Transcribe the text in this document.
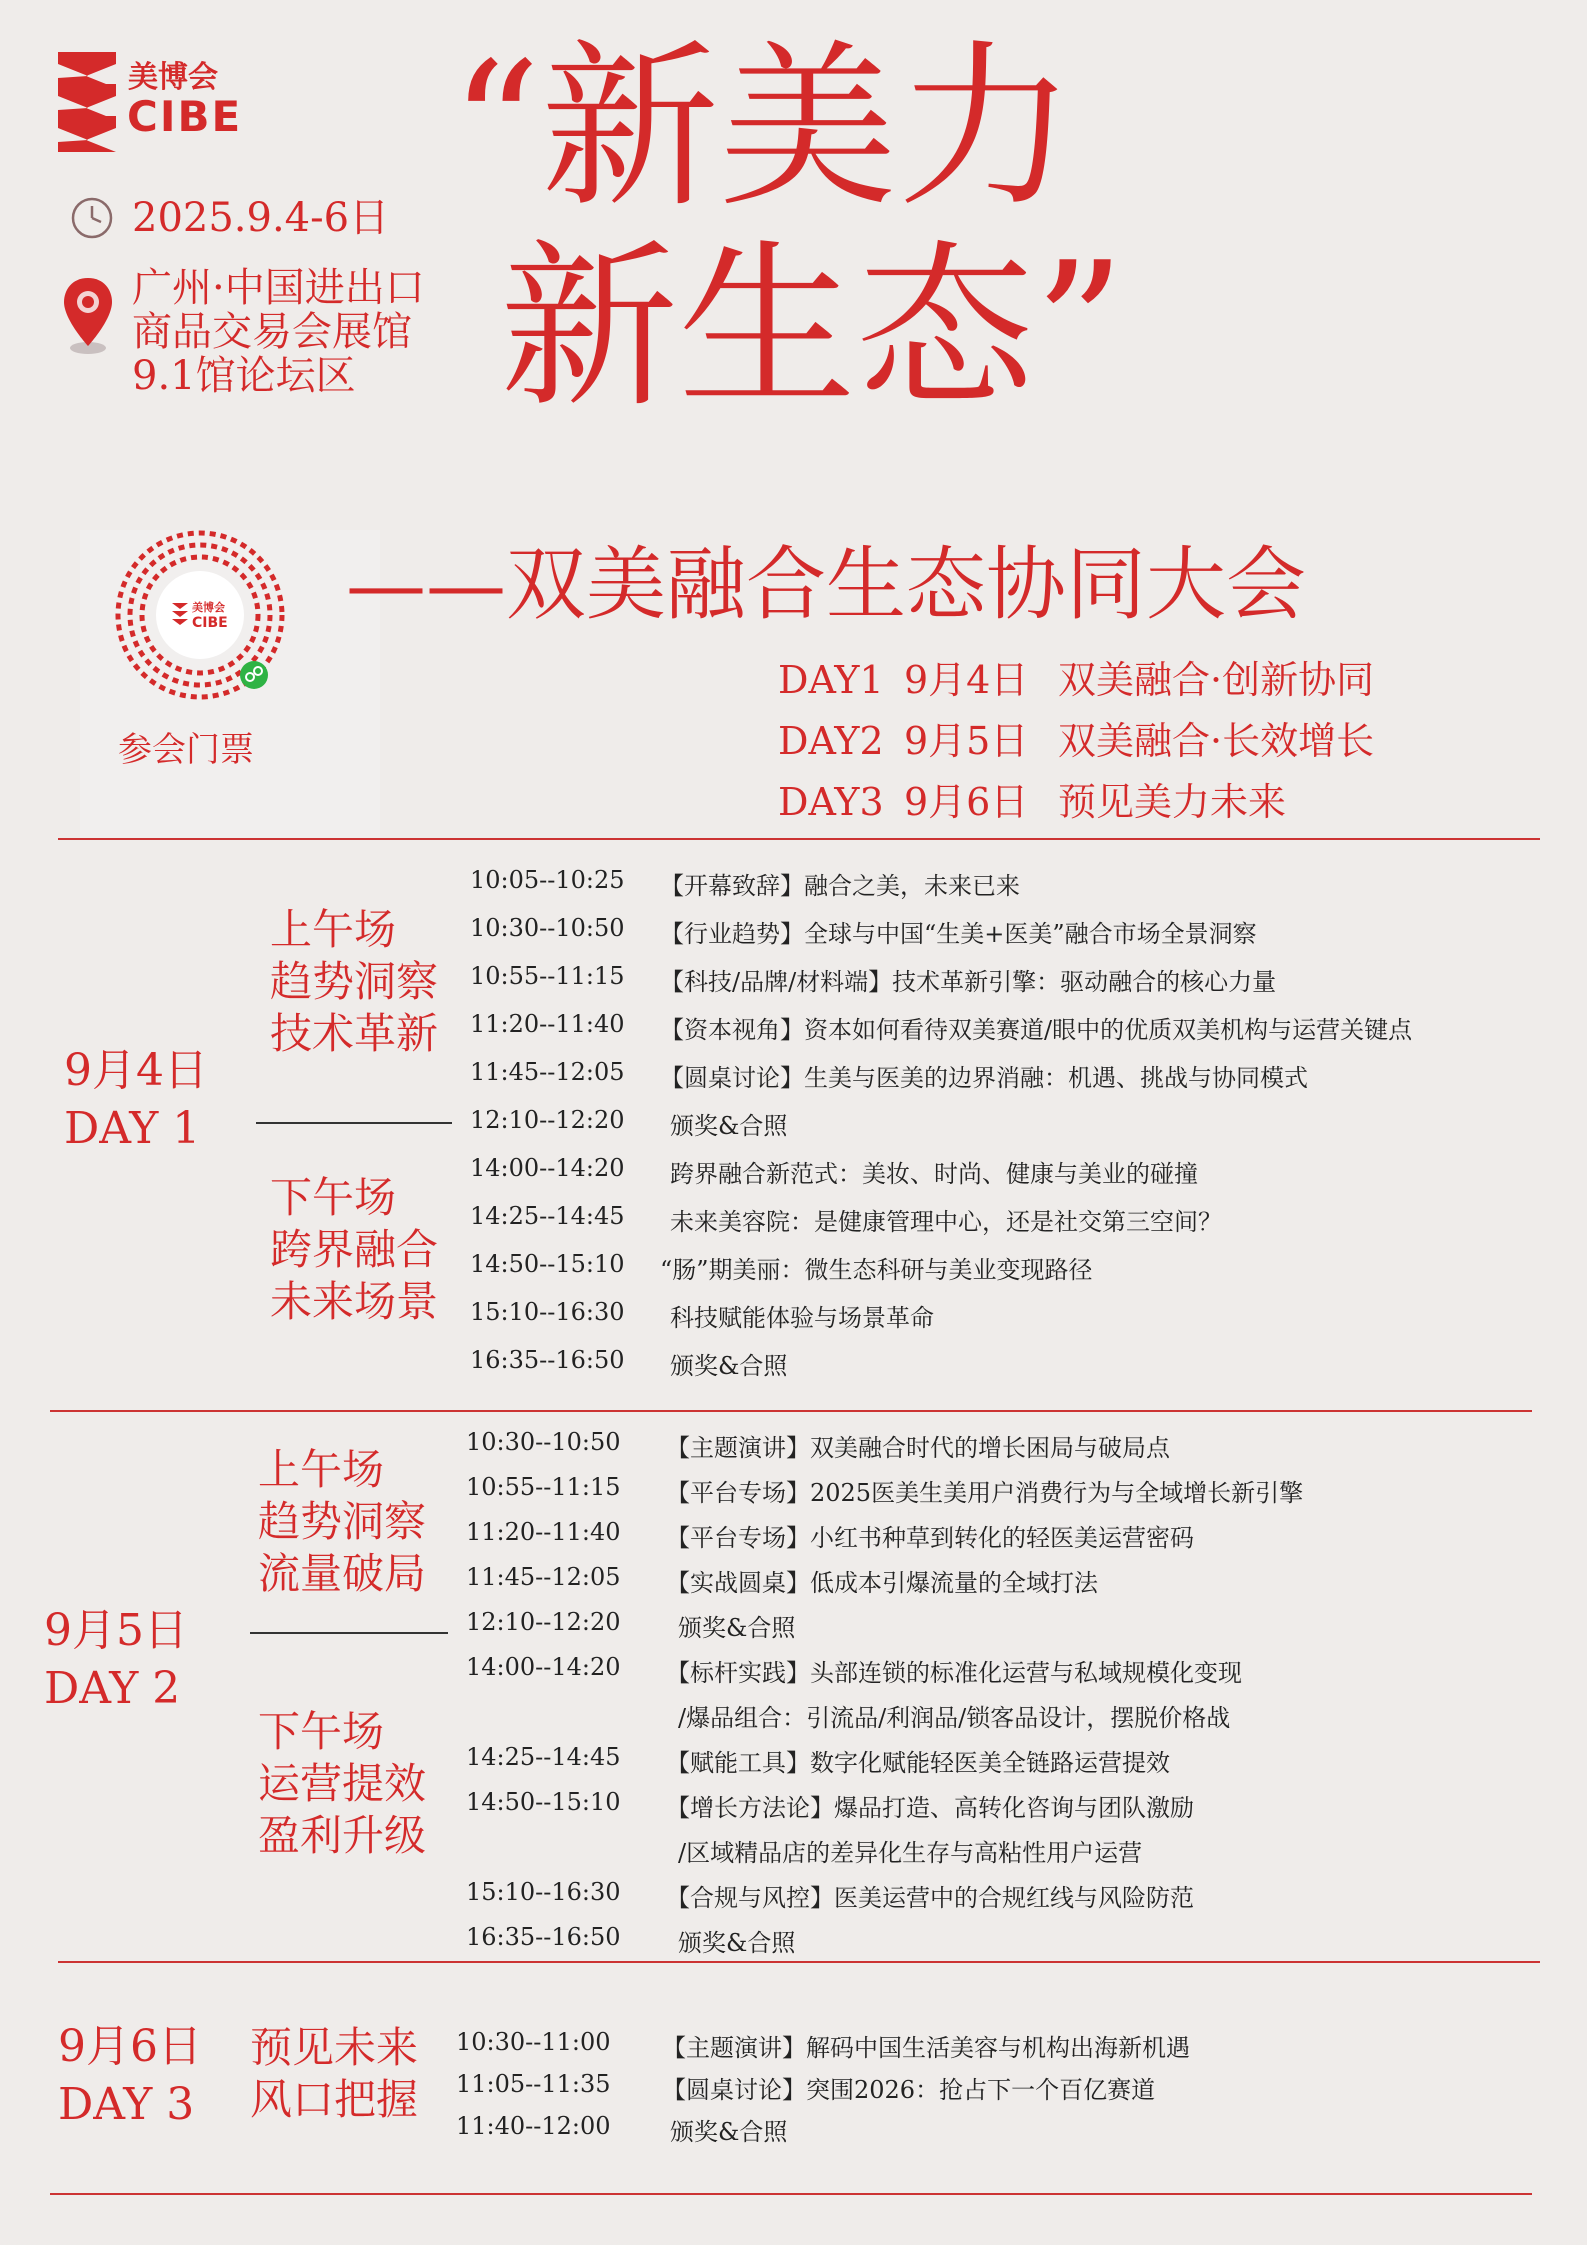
美博会
CIBE
2025.9.4-6日
广州·中国进出口
商品交易会展馆
9.1馆论坛区
“新美力
新生态”
美博会
CIBE
参会门票
——双美融合生态协同大会
DAY1 9月4日 双美融合·创新协同
DAY2 9月5日 双美融合·长效增长
DAY3 9月6日 预见美力未来
9月4日
DAY 1
上午场
趋势洞察
技术革新
下午场
跨界融合
未来场景
10:05--10:25 【开幕致辞】融合之美，未来已来
10:30--10:50 【行业趋势】全球与中国“生美+医美”融合市场全景洞察
10:55--11:15 【科技/品牌/材料端】技术革新引擎：驱动融合的核心力量
11:20--11:40 【资本视角】资本如何看待双美赛道/眼中的优质双美机构与运营关键点
11:45--12:05 【圆桌讨论】生美与医美的边界消融：机遇、挑战与协同模式
12:10--12:20 颁奖&合照
14:00--14:20 跨界融合新范式：美妆、时尚、健康与美业的碰撞
14:25--14:45 未来美容院：是健康管理中心，还是社交第三空间？
14:50--15:10 “肠”期美丽：微生态科研与美业变现路径
15:10--16:30 科技赋能体验与场景革命
16:35--16:50 颁奖&合照
9月5日
DAY 2
上午场
趋势洞察
流量破局
下午场
运营提效
盈利升级
10:30--10:50 【主题演讲】双美融合时代的增长困局与破局点
10:55--11:15 【平台专场】2025医美生美用户消费行为与全域增长新引擎
11:20--11:40 【平台专场】小红书种草到转化的轻医美运营密码
11:45--12:05 【实战圆桌】低成本引爆流量的全域打法
12:10--12:20 颁奖&合照
14:00--14:20 【标杆实践】头部连锁的标准化运营与私域规模化变现
/爆品组合：引流品/利润品/锁客品设计，摆脱价格战
14:25--14:45 【赋能工具】数字化赋能轻医美全链路运营提效
14:50--15:10 【增长方法论】爆品打造、高转化咨询与团队激励
/区域精品店的差异化生存与高粘性用户运营
15:10--16:30 【合规与风控】医美运营中的合规红线与风险防范
16:35--16:50 颁奖&合照
9月6日
DAY 3
预见未来
风口把握
10:30--11:00 【主题演讲】解码中国生活美容与机构出海新机遇
11:05--11:35 【圆桌讨论】突围2026：抢占下一个百亿赛道
11:40--12:00 颁奖&合照
